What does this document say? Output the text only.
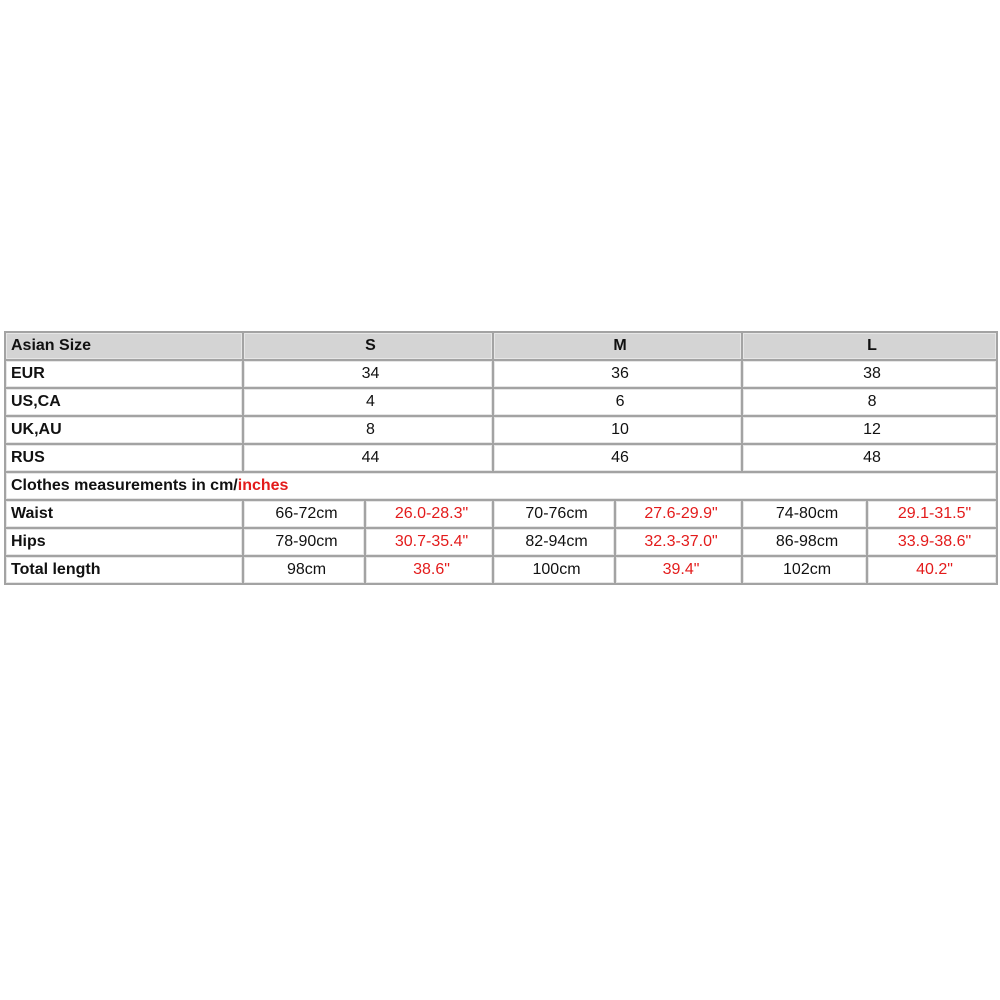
Asian Size	S		M		L	
EUR	34		36		38	
US,CA	4		6		8	
UK,AU	8		10		12	
RUS	44		46		48	
Clothes measurements in cm/inches						
Waist	66-72cm	26.0-28.3"	70-76cm	27.6-29.9"	74-80cm	29.1-31.5"
Hips	78-90cm	30.7-35.4"	82-94cm	32.3-37.0"	86-98cm	33.9-38.6"
Total length	98cm	38.6"	100cm	39.4"	102cm	40.2"
